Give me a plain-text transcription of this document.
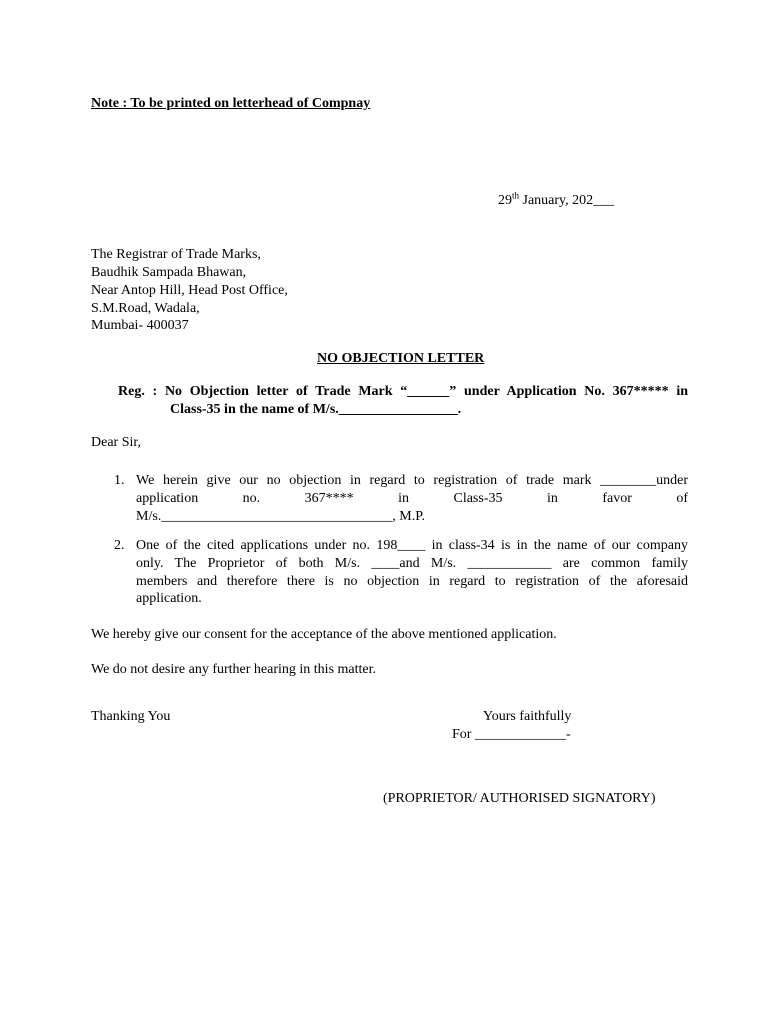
Note : To be printed on letterhead of Compnay
29th January, 202___
The Registrar of Trade Marks,
Baudhik Sampada Bhawan,
Near Antop Hill, Head Post Office,
S.M.Road, Wadala,
Mumbai- 400037
NO OBJECTION LETTER
Reg. : No Objection letter of Trade Mark “______” under Application No. 367***** in
Class-35 in the name of M/s._________________.
Dear Sir,
1. We herein give our no objection in regard to registration of trade mark ________under
application no. 367**** in Class-35 in favor of
M/s._________________________________, M.P.
2. One of the cited applications under no. 198____ in class-34 is in the name of our company
only. The Proprietor of both M/s. ____and M/s. ____________ are common family
members and therefore there is no objection in regard to registration of the aforesaid
application.
We hereby give our consent for the acceptance of the above mentioned application.
We do not desire any further hearing in this matter.
Thanking You	Yours faithfully
For _____________-
(PROPRIETOR/ AUTHORISED SIGNATORY)
